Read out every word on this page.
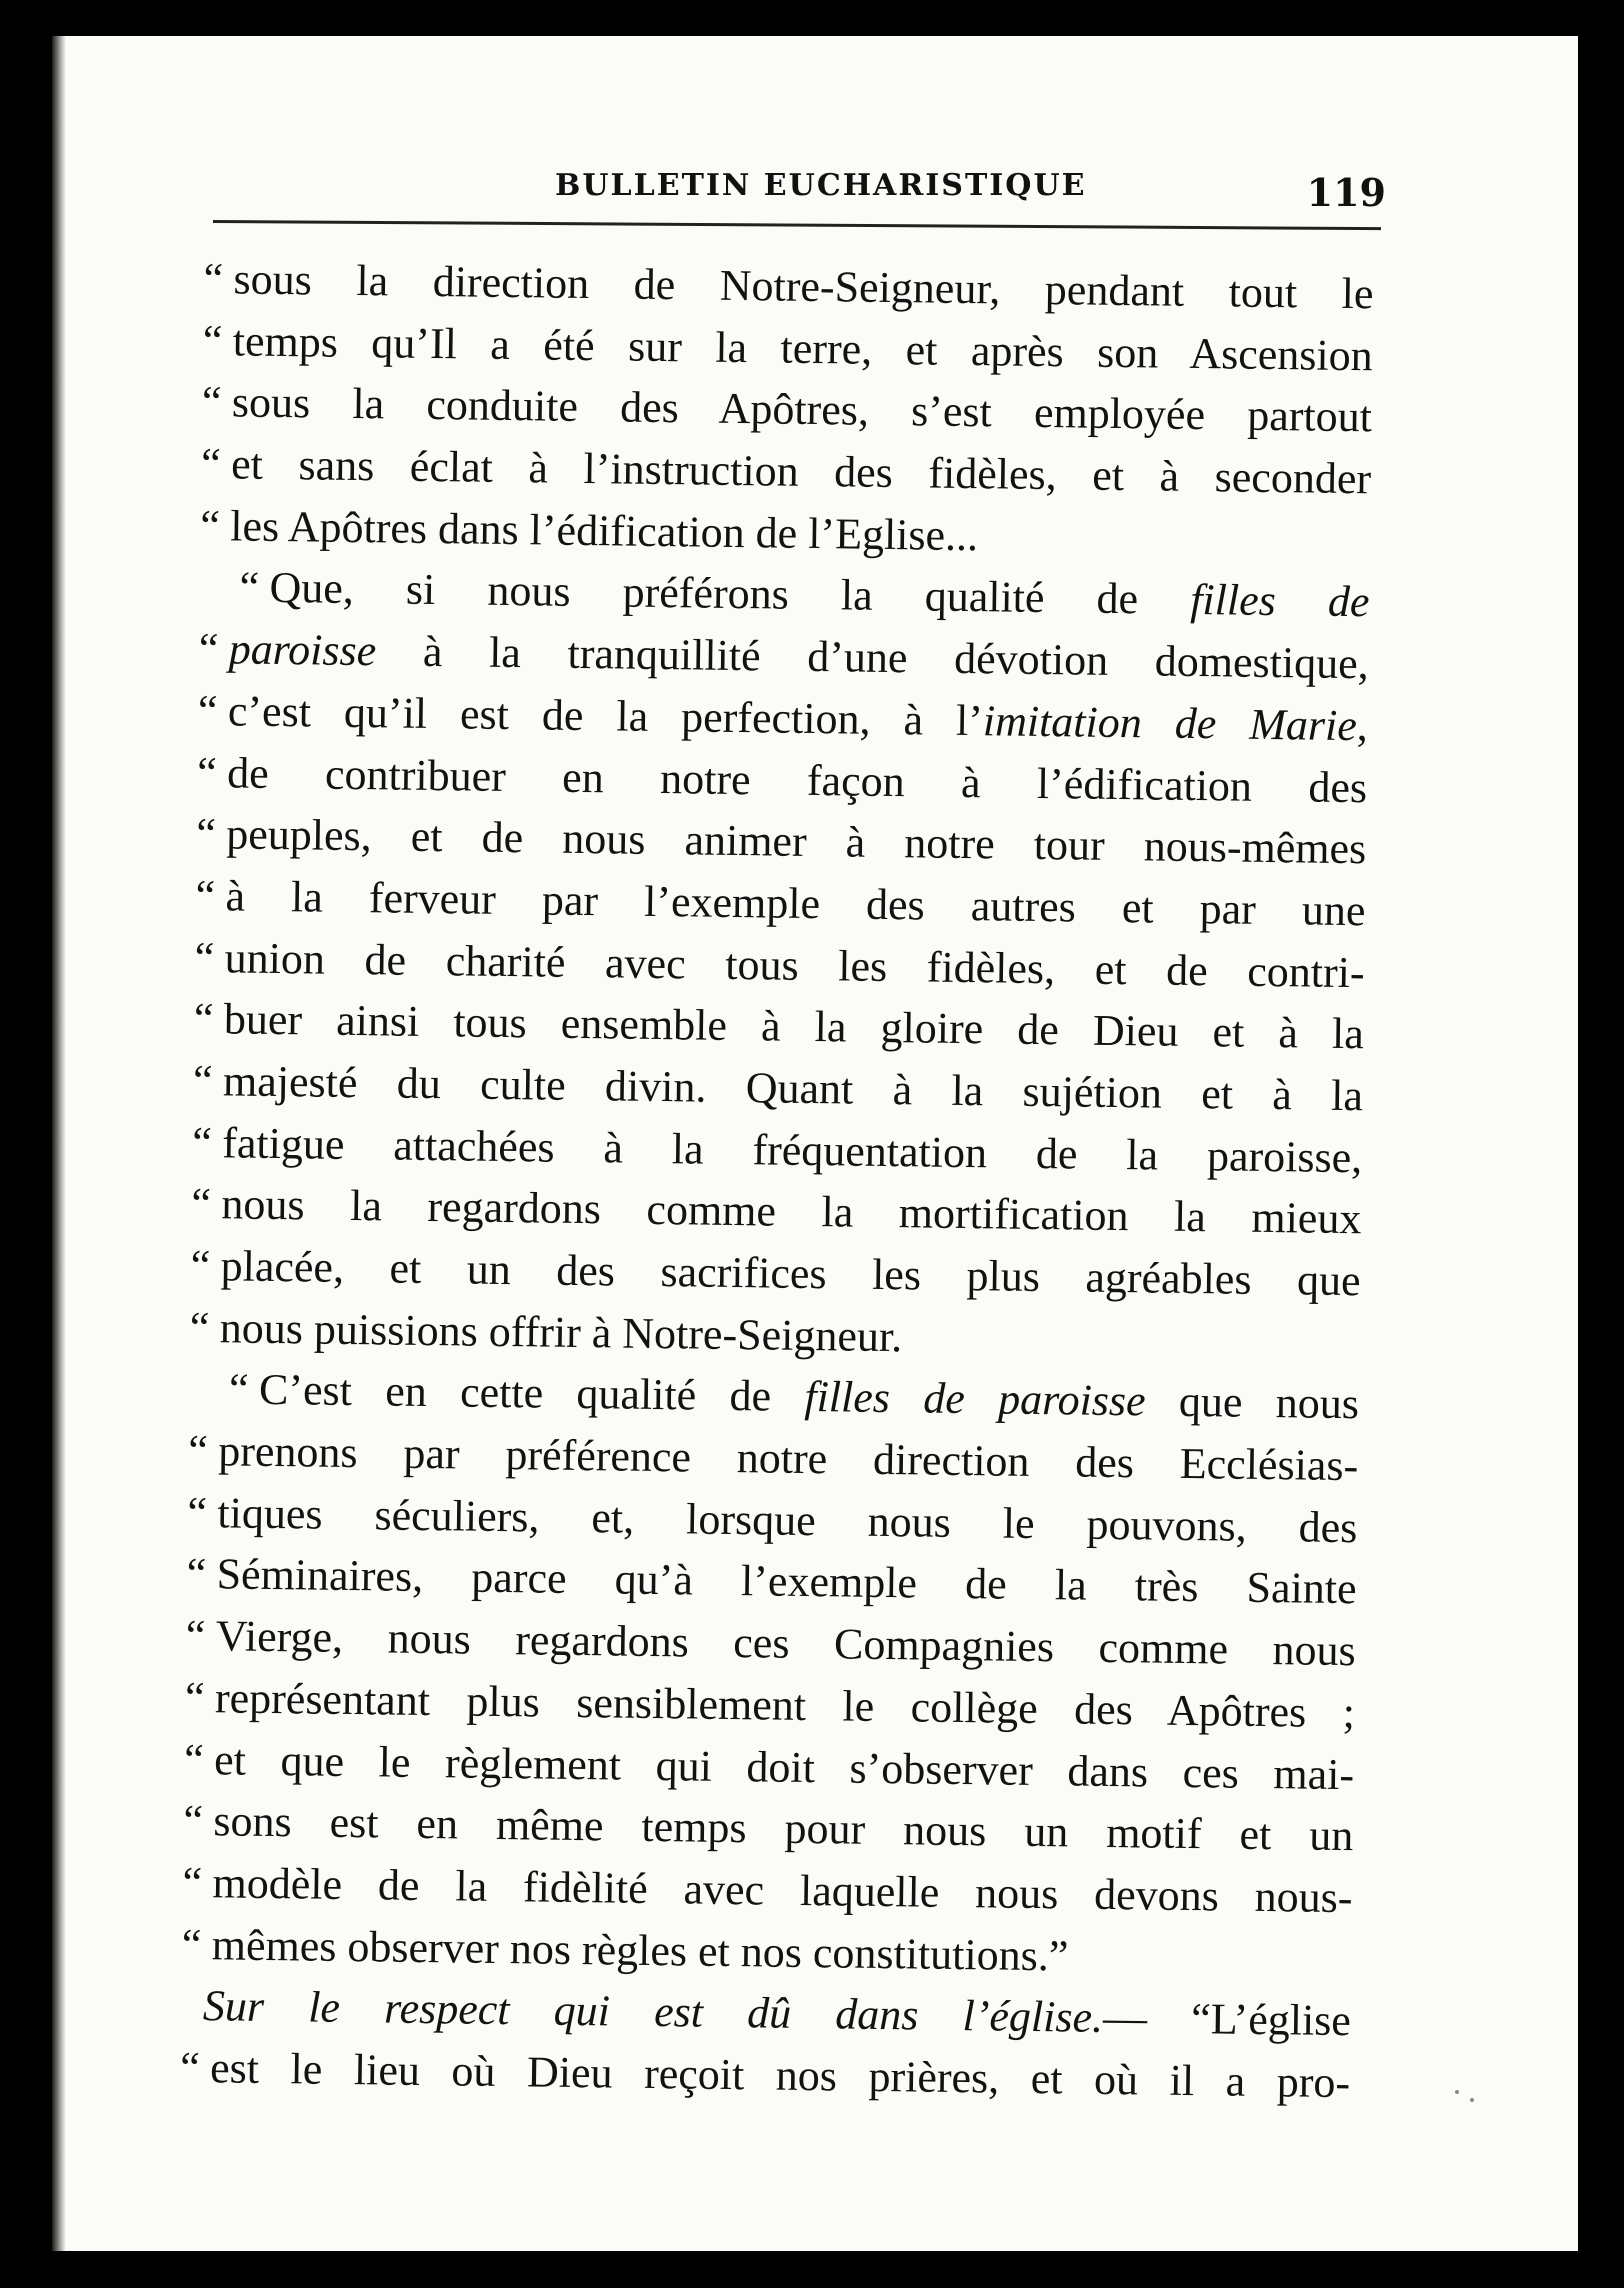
BULLETIN EUCHARISTIQUE	119
“ sous la direction de Notre-Seigneur, pendant tout le
“ temps qu’Il a été sur la terre, et après son Ascension
“ sous la conduite des Apôtres, s’est employée partout
“ et sans éclat à l’instruction des fidèles, et à seconder
“ les Apôtres dans l’édification de l’Eglise...
“ Que, si nous préférons la qualité de filles de
“ paroisse à la tranquillité d’une dévotion domestique,
“ c’est qu’il est de la perfection, à l’imitation de Marie,
“ de contribuer en notre façon à l’édification des
“ peuples, et de nous animer à notre tour nous-mêmes
“ à la ferveur par l’exemple des autres et par une
“ union de charité avec tous les fidèles, et de contri-
“ buer ainsi tous ensemble à la gloire de Dieu et à la
“ majesté du culte divin. Quant à la sujétion et à la
“ fatigue attachées à la fréquentation de la paroisse,
“ nous la regardons comme la mortification la mieux
“ placée, et un des sacrifices les plus agréables que
“ nous puissions offrir à Notre-Seigneur.
“ C’est en cette qualité de filles de paroisse que nous
“ prenons par préférence notre direction des Ecclésias-
“ tiques séculiers, et, lorsque nous le pouvons, des
“ Séminaires, parce qu’à l’exemple de la très Sainte
“ Vierge, nous regardons ces Compagnies comme nous
“ représentant plus sensiblement le collège des Apôtres ;
“ et que le règlement qui doit s’observer dans ces mai-
“ sons est en même temps pour nous un motif et un
“ modèle de la fidèlité avec laquelle nous devons nous-
“ mêmes observer nos règles et nos constitutions.”
Sur le respect qui est dû dans l’église.— “L’église
“ est le lieu où Dieu reçoit nos prières, et où il a pro-
